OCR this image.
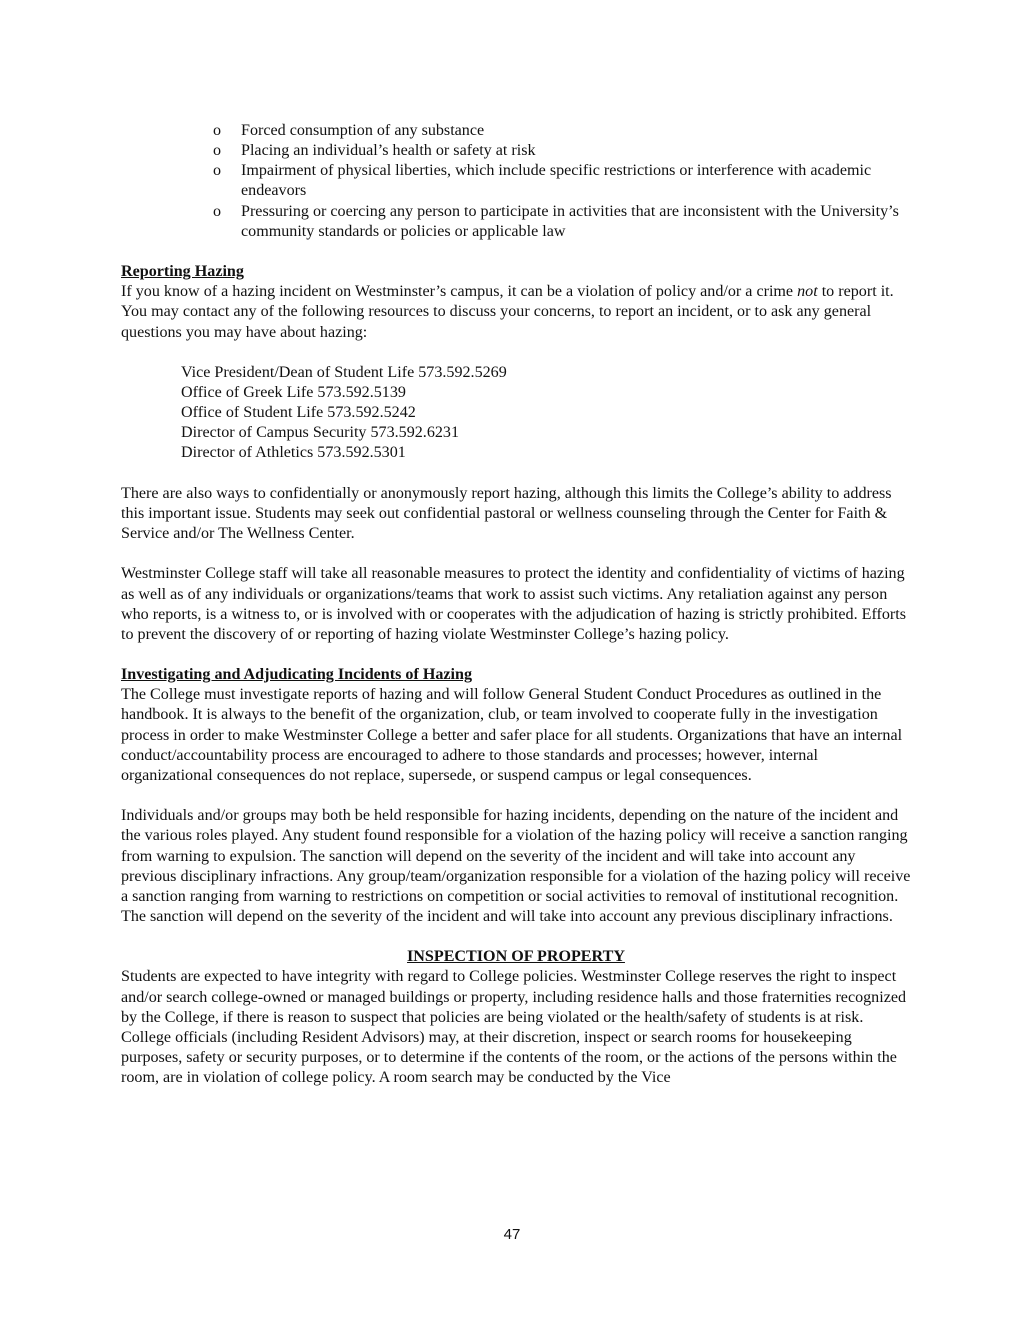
o Forced consumption of any substance
o Placing an individual’s health or safety at risk
o Impairment of physical liberties, which include specific restrictions or interference with academic endeavors
o Pressuring or coercing any person to participate in activities that are inconsistent with the University’s community standards or policies or applicable law

Reporting Hazing

If you know of a hazing incident on Westminster’s campus, it can be a violation of policy and/or a crime not to report it. You may contact any of the following resources to discuss your concerns, to report an incident, or to ask any general questions you may have about hazing:

Vice President/Dean of Student Life 573.592.5269

Office of Greek Life 573.592.5139

Office of Student Life 573.592.5242

Director of Campus Security 573.592.6231

Director of Athletics 573.592.5301

There are also ways to confidentially or anonymously report hazing, although this limits the College’s ability to address this important issue. Students may seek out confidential pastoral or wellness counseling through the Center for Faith & Service and/or The Wellness Center.

Westminster College staff will take all reasonable measures to protect the identity and confidentiality of victims of hazing as well as of any individuals or organizations/teams that work to assist such victims. Any retaliation against any person who reports, is a witness to, or is involved with or cooperates with the adjudication of hazing is strictly prohibited. Efforts to prevent the discovery of or reporting of hazing violate Westminster College’s hazing policy.

Investigating and Adjudicating Incidents of Hazing

The College must investigate reports of hazing and will follow General Student Conduct Procedures as outlined in the handbook. It is always to the benefit of the organization, club, or team involved to cooperate fully in the investigation process in order to make Westminster College a better and safer place for all students. Organizations that have an internal conduct/accountability process are encouraged to adhere to those standards and processes; however, internal organizational consequences do not replace, supersede, or suspend campus or legal consequences.

Individuals and/or groups may both be held responsible for hazing incidents, depending on the nature of the incident and the various roles played. Any student found responsible for a violation of the hazing policy will receive a sanction ranging from warning to expulsion. The sanction will depend on the severity of the incident and will take into account any previous disciplinary infractions. Any group/team/organization responsible for a violation of the hazing policy will receive a sanction ranging from warning to restrictions on competition or social activities to removal of institutional recognition. The sanction will depend on the severity of the incident and will take into account any previous disciplinary infractions.

INSPECTION OF PROPERTY

Students are expected to have integrity with regard to College policies. Westminster College reserves the right to inspect and/or search college-owned or managed buildings or property, including residence halls and those fraternities recognized by the College, if there is reason to suspect that policies are being violated or the health/safety of students is at risk. College officials (including Resident Advisors) may, at their discretion, inspect or search rooms for housekeeping purposes, safety or security purposes, or to determine if the contents of the room, or the actions of the persons within the room, are in violation of college policy. A room search may be conducted by the Vice

47
